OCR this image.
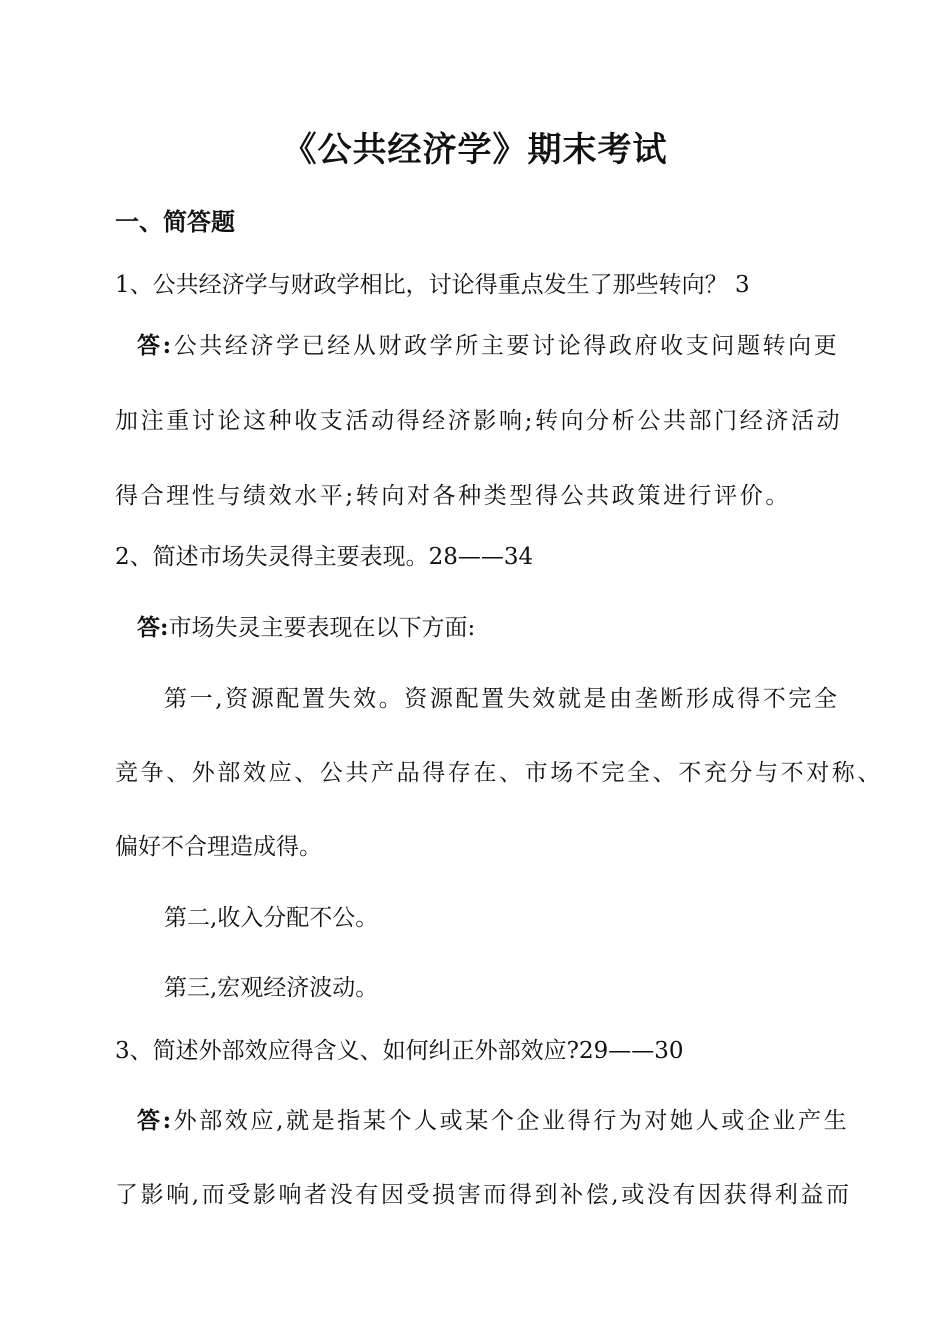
《公共经济学》期末考试
一、简答题
1、公共经济学与财政学相比，讨论得重点发生了那些转向？ 3
答:公共经济学已经从财政学所主要讨论得政府收支问题转向更
加注重讨论这种收支活动得经济影响;转向分析公共部门经济活动
得合理性与绩效水平;转向对各种类型得公共政策进行评价。
2、简述市场失灵得主要表现。28——34
答:市场失灵主要表现在以下方面:
第一,资源配置失效。资源配置失效就是由垄断形成得不完全
竞争、外部效应、公共产品得存在、市场不完全、不充分与不对称、
偏好不合理造成得。
第二,收入分配不公。
第三,宏观经济波动。
3、简述外部效应得含义、如何纠正外部效应?29——30
答:外部效应,就是指某个人或某个企业得行为对她人或企业产生
了影响,而受影响者没有因受损害而得到补偿,或没有因获得利益而
